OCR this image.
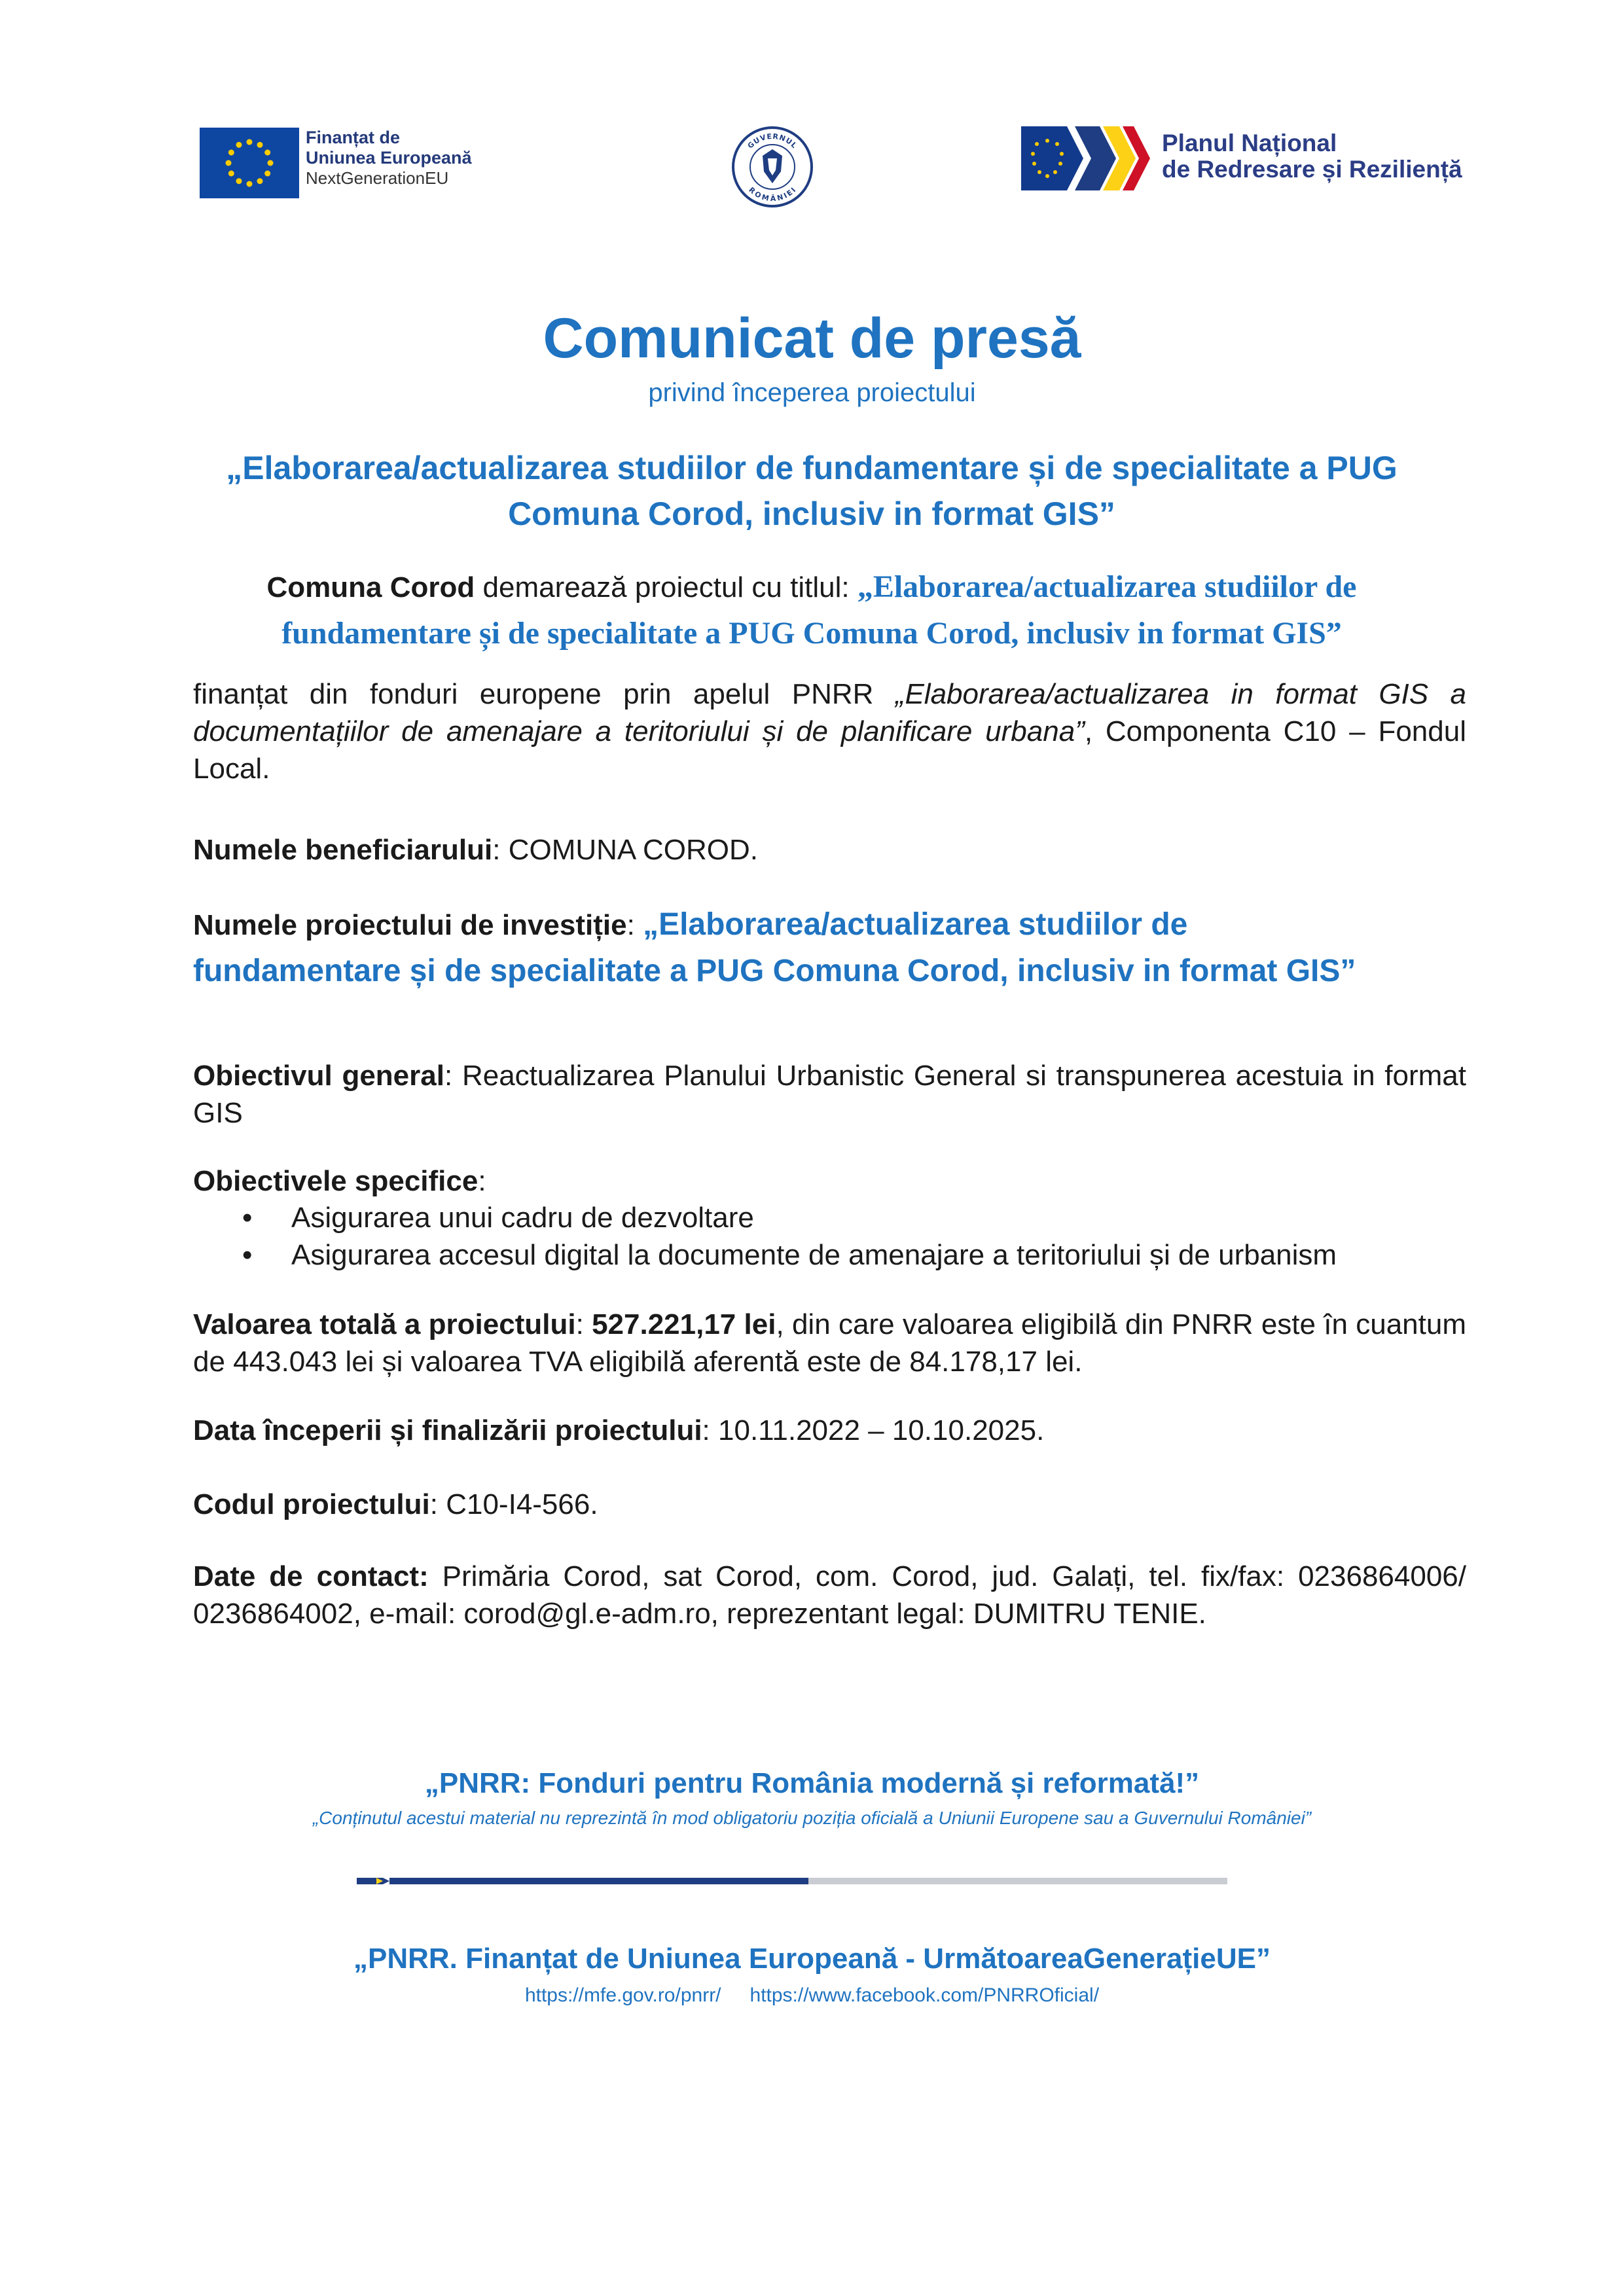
Finanțat de
Uniunea Europeană
NextGenerationEU
GUVERNUL
ROMÂNIEI
Planul Național
de Redresare și Reziliență
Comunicat de presă
privind începerea proiectului
„Elaborarea/actualizarea studiilor de fundamentare și de specialitate a PUG
Comuna Corod, inclusiv in format GIS”
Comuna Corod demarează proiectul cu titlul: „Elaborarea/actualizarea studiilor de
fundamentare și de specialitate a PUG Comuna Corod, inclusiv in format GIS”
finanțat din fonduri europene prin apelul PNRR „Elaborarea/actualizarea in format GIS a documentațiilor de amenajare a teritoriului și de planificare urbana”, Componenta C10 – Fondul Local.
Numele beneficiarului: COMUNA COROD.
Numele proiectului de investiție: „Elaborarea/actualizarea studiilor de
fundamentare și de specialitate a PUG Comuna Corod, inclusiv in format GIS”
Obiectivul general: Reactualizarea Planului Urbanistic General si transpunerea acestuia in format GIS
Obiectivele specifice:
• Asigurarea unui cadru de dezvoltare
• Asigurarea accesul digital la documente de amenajare a teritoriului și de urbanism
Valoarea totală a proiectului: 527.221,17 lei, din care valoarea eligibilă din PNRR este în cuantum de 443.043 lei și valoarea TVA eligibilă aferentă este de 84.178,17 lei.
Data începerii și finalizării proiectului: 10.11.2022 – 10.10.2025.
Codul proiectului: C10-I4-566.
Date de contact: Primăria Corod, sat Corod, com. Corod, jud. Galați, tel. fix/fax: 0236864006/ 0236864002, e-mail: corod@gl.e-adm.ro, reprezentant legal: DUMITRU TENIE.
„PNRR: Fonduri pentru România modernă și reformată!”
„Conținutul acestui material nu reprezintă în mod obligatoriu poziția oficială a Uniunii Europene sau a Guvernului României”
„PNRR. Finanțat de Uniunea Europeană - UrmătoareaGenerațieUE”
https://mfe.gov.ro/pnrr/ https://www.facebook.com/PNRROficial/
